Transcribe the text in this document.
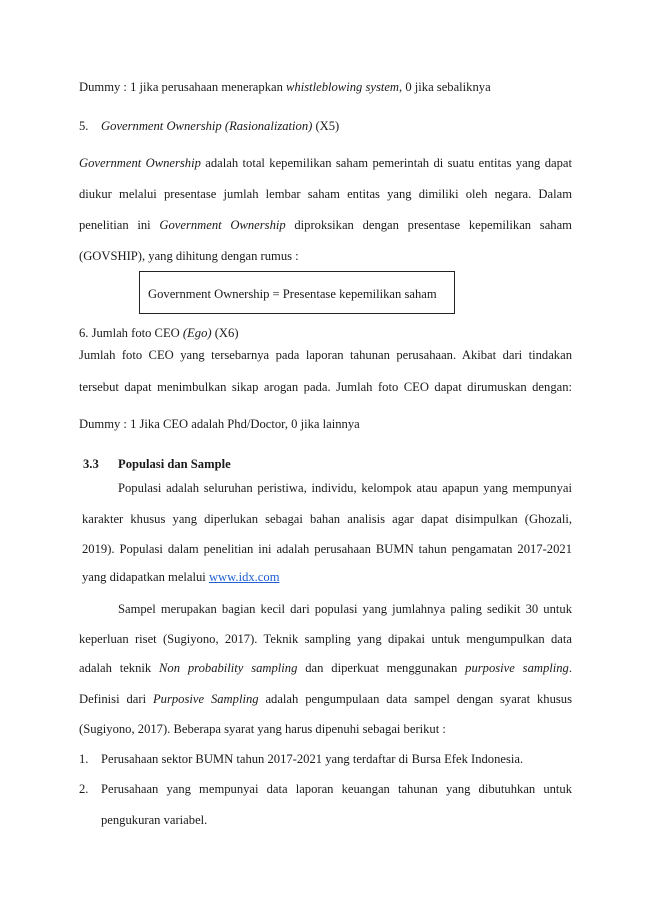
Dummy : 1 jika perusahaan menerapkan whistleblowing system, 0 jika sebaliknya
5. Government Ownership (Rasionalization) (X5)
Government Ownership adalah total kepemilikan saham pemerintah di suatu entitas yang dapat
diukur melalui presentase jumlah lembar saham entitas yang dimiliki oleh negara. Dalam
penelitian ini Government Ownership diproksikan dengan presentase kepemilikan saham
(GOVSHIP), yang dihitung dengan rumus :
Government Ownership = Presentase kepemilikan saham
6. Jumlah foto CEO (Ego) (X6)
Jumlah foto CEO yang tersebarnya pada laporan tahunan perusahaan. Akibat dari tindakan
tersebut dapat menimbulkan sikap arogan pada. Jumlah foto CEO dapat dirumuskan dengan:
Dummy : 1 Jika CEO adalah Phd/Doctor, 0 jika lainnya
3.3 Populasi dan Sample
Populasi adalah seluruhan peristiwa, individu, kelompok atau apapun yang mempunyai
karakter khusus yang diperlukan sebagai bahan analisis agar dapat disimpulkan (Ghozali,
2019). Populasi dalam penelitian ini adalah perusahaan BUMN tahun pengamatan 2017-2021
yang didapatkan melalui www.idx.com
Sampel merupakan bagian kecil dari populasi yang jumlahnya paling sedikit 30 untuk
keperluan riset (Sugiyono, 2017). Teknik sampling yang dipakai untuk mengumpulkan data
adalah teknik Non probability sampling dan diperkuat menggunakan purposive sampling.
Definisi dari Purposive Sampling adalah pengumpulaan data sampel dengan syarat khusus
(Sugiyono, 2017). Beberapa syarat yang harus dipenuhi sebagai berikut :
1. Perusahaan sektor BUMN tahun 2017-2021 yang terdaftar di Bursa Efek Indonesia.
2. Perusahaan yang mempunyai data laporan keuangan tahunan yang dibutuhkan untuk
pengukuran variabel.
